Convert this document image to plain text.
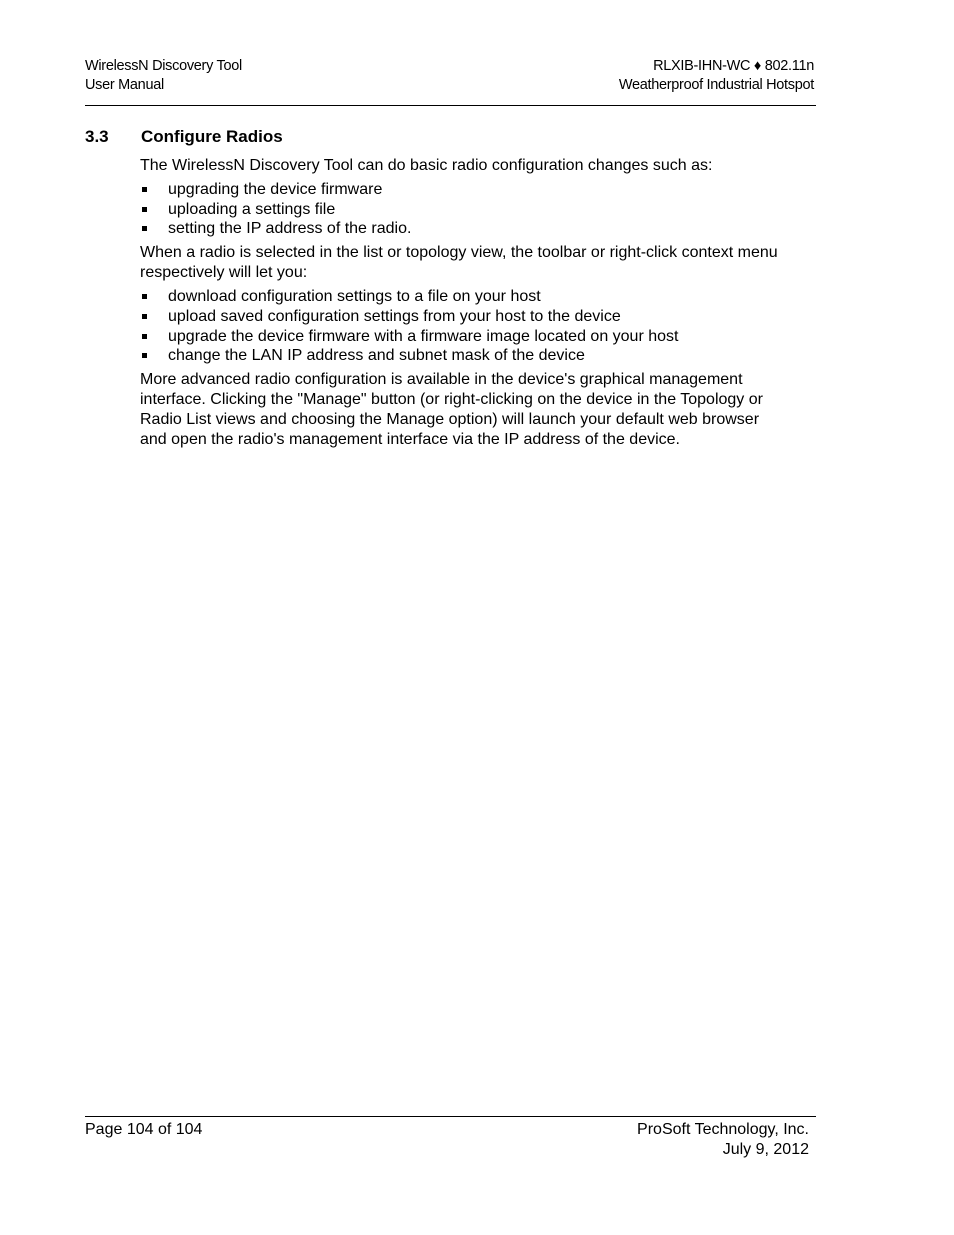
WirelessN Discovery Tool
User Manual
RLXIB-IHN-WC ♦ 802.11n
Weatherproof Industrial Hotspot
3.3 Configure Radios

The WirelessN Discovery Tool can do basic radio configuration changes such as:

upgrading the device firmware
uploading a settings file
setting the IP address of the radio.

When a radio is selected in the list or topology view, the toolbar or right-click context menu respectively will let you:

download configuration settings to a file on your host
upload saved configuration settings from your host to the device
upgrade the device firmware with a firmware image located on your host
change the LAN IP address and subnet mask of the device

More advanced radio configuration is available in the device's graphical management interface. Clicking the "Manage" button (or right-clicking on the device in the Topology or Radio List views and choosing the Manage option) will launch your default web browser and open the radio's management interface via the IP address of the device.

Page 104 of 104	ProSoft Technology, Inc.
July 9, 2012
